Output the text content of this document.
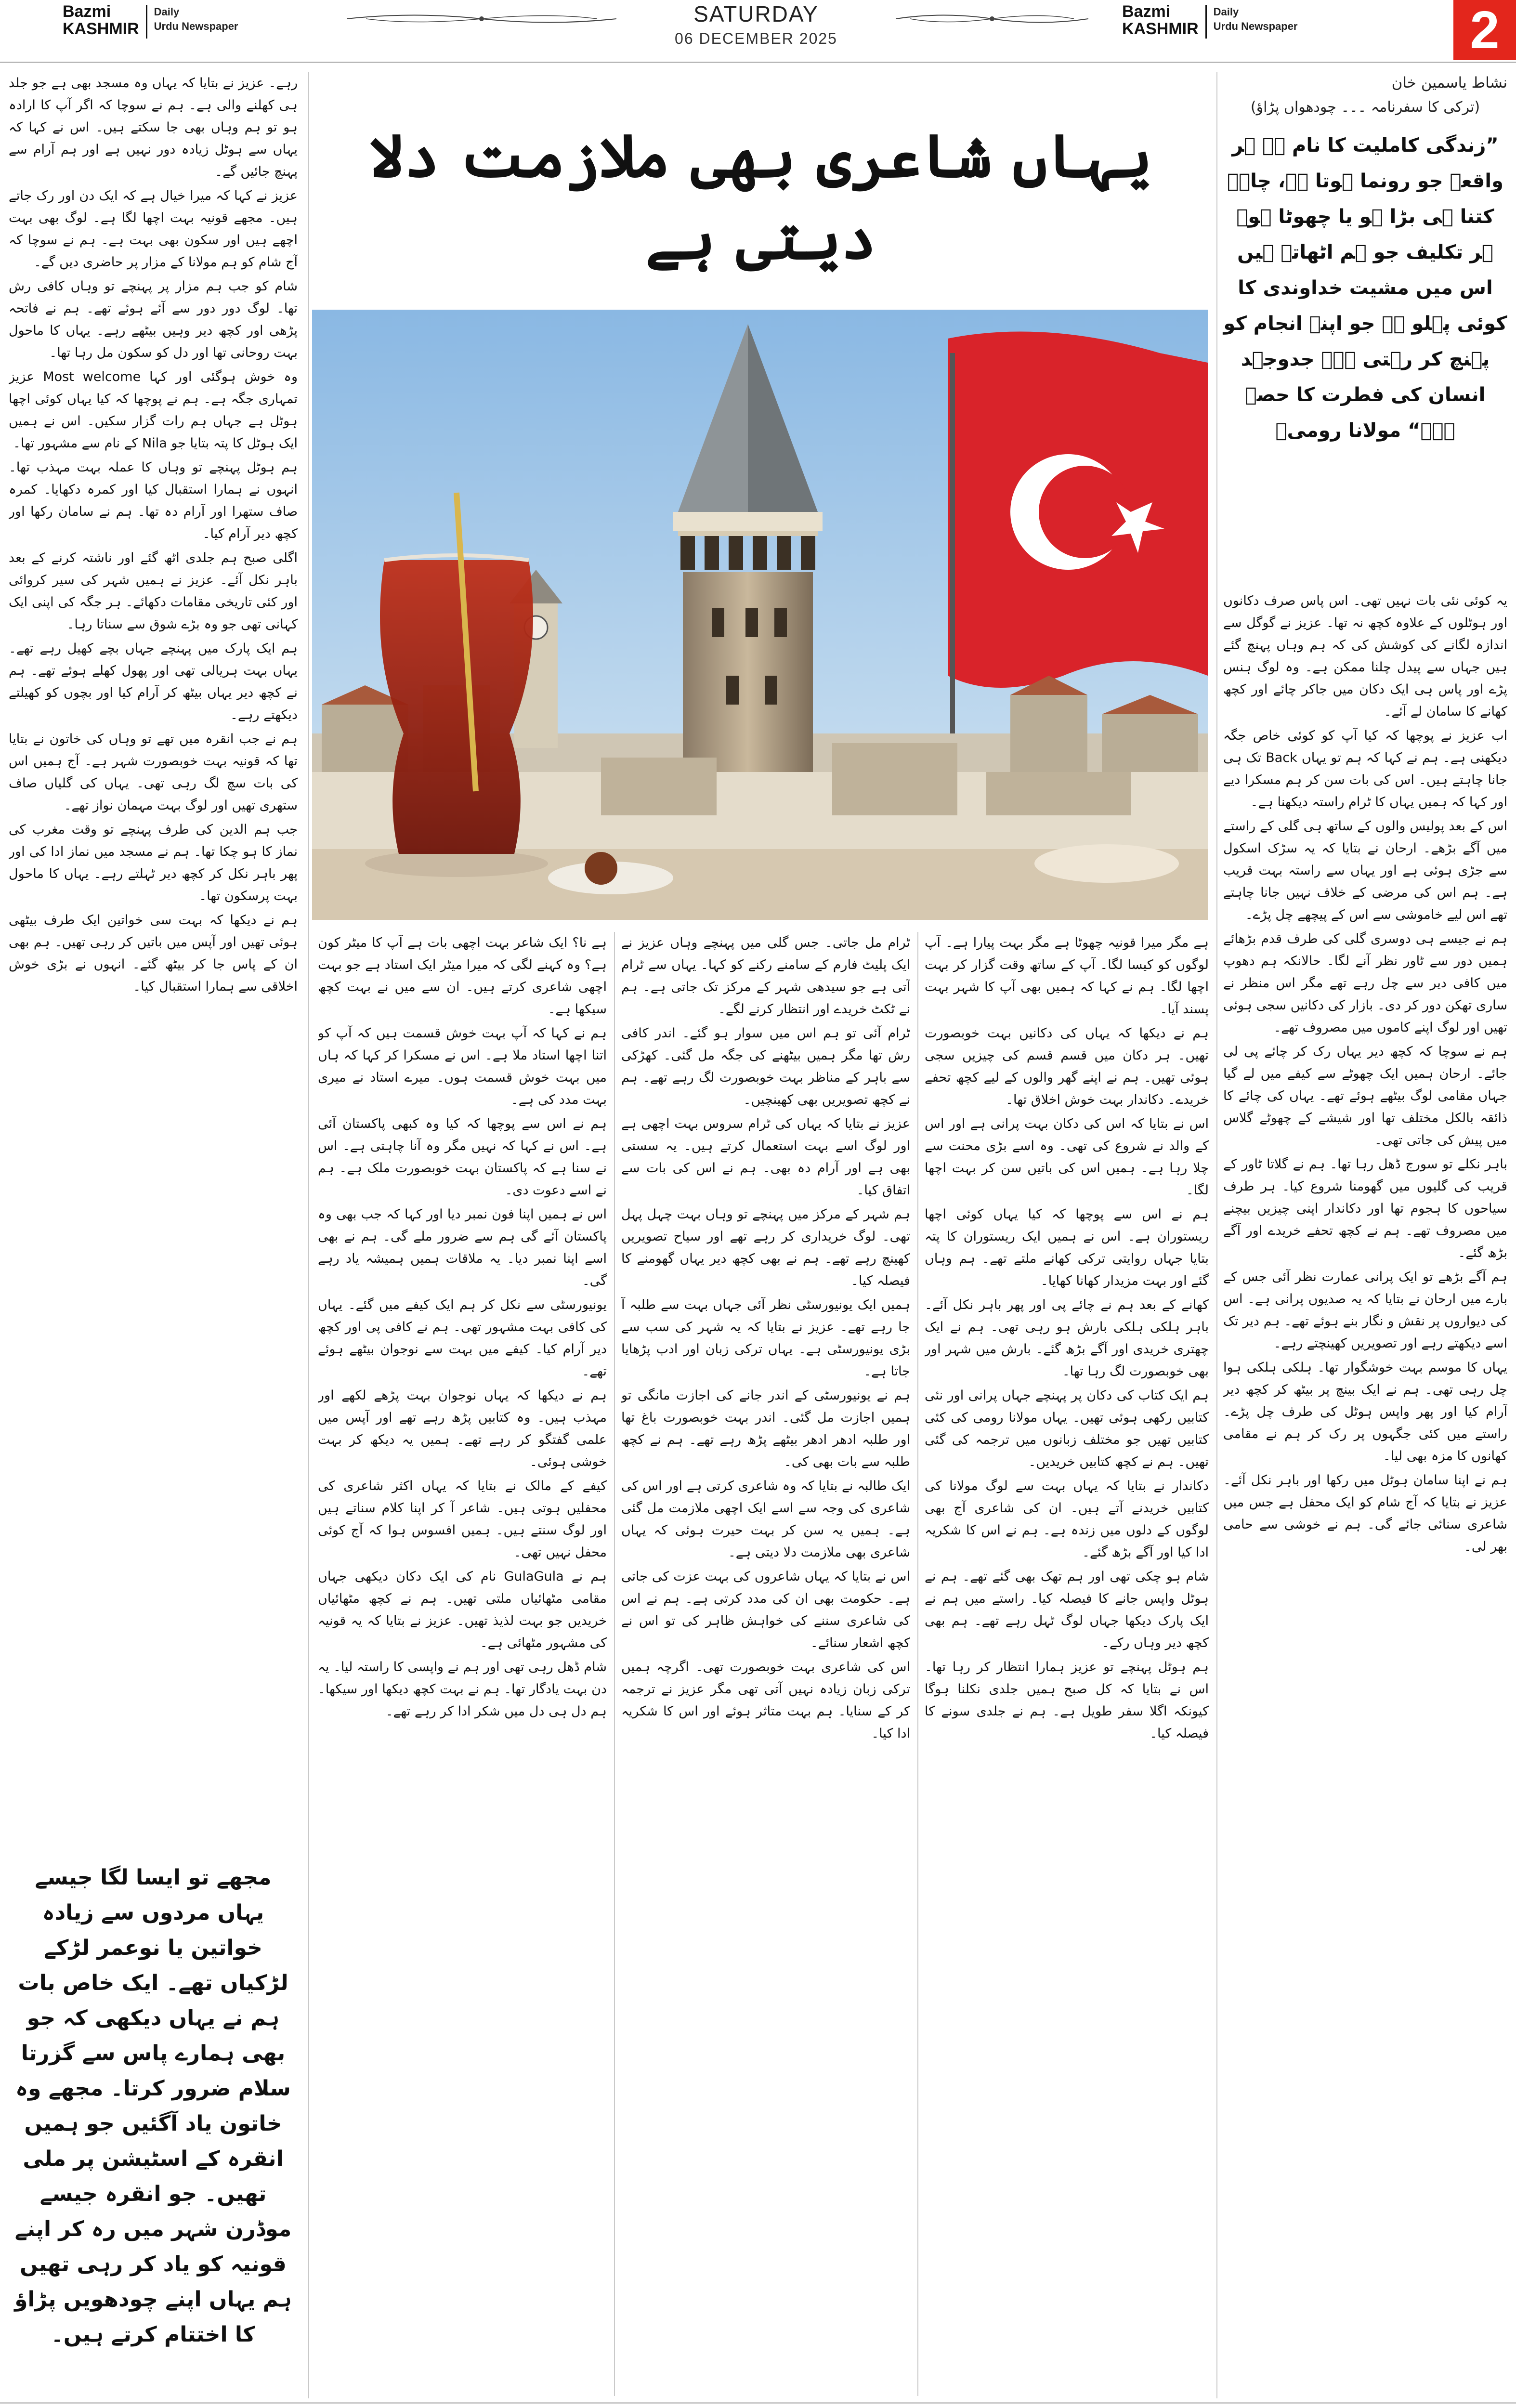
Bazmi
KASHMIR
Daily
Urdu Newspaper	SATURDAY
06 DECEMBER 2025
Bazmi
KASHMIR
Daily
Urdu Newspaper	2
نشاط یاسمین خان
(ترکی کا سفرنامہ ۔۔۔ چودھواں پڑاؤ)
”زندگی کاملیت کا نام ہے ہر واقعہ جو رونما ہوتا ہے، چاہے کتنا ہی بڑا ہو یا چھوٹا ہو۔ ہر تکلیف جو ہم اٹھاتے ہیں اس میں مشیت خداوندی کا کوئی پہلو ہے جو اپنے انجام کو پہنچ کر رہتی ہے۔ جدوجہد انسان کی فطرت کا حصہ ہے۔“ مولانا رومیؒ
یہاں شاعری بھی ملازمت دلا دیتی ہے

یہ کوئی نئی بات نہیں تھی۔ اس پاس صرف دکانوں اور ہوٹلوں کے علاوہ کچھ نہ تھا۔ عزیز نے گوگل سے اندازہ لگانے کی کوشش کی کہ ہم وہاں پہنچ گئے ہیں جہاں سے پیدل چلنا ممکن ہے۔ وہ لوگ ہنس پڑے اور پاس ہی ایک دکان میں جاکر چائے اور کچھ کھانے کا سامان لے آئے۔

اب عزیز نے پوچھا کہ کیا آپ کو کوئی خاص جگہ دیکھنی ہے۔ ہم نے کہا کہ ہم تو یہاں Back تک ہی جانا چاہتے ہیں۔ اس کی بات سن کر ہم مسکرا دیے اور کہا کہ ہمیں یہاں کا ٹرام راستہ دیکھنا ہے۔

اس کے بعد پولیس والوں کے ساتھ ہی گلی کے راستے میں آگے بڑھے۔ ارحان نے بتایا کہ یہ سڑک اسکول سے جڑی ہوئی ہے اور یہاں سے راستہ بہت قریب ہے۔ ہم اس کی مرضی کے خلاف نہیں جانا چاہتے تھے اس لیے خاموشی سے اس کے پیچھے چل پڑے۔

ہم نے جیسے ہی دوسری گلی کی طرف قدم بڑھائے ہمیں دور سے ٹاور نظر آنے لگا۔ حالانکہ ہم دھوپ میں کافی دیر سے چل رہے تھے مگر اس منظر نے ساری تھکن دور کر دی۔ بازار کی دکانیں سجی ہوئی تھیں اور لوگ اپنے کاموں میں مصروف تھے۔

ہم نے سوچا کہ کچھ دیر یہاں رک کر چائے پی لی جائے۔ ارحان ہمیں ایک چھوٹے سے کیفے میں لے گیا جہاں مقامی لوگ بیٹھے ہوئے تھے۔ یہاں کی چائے کا ذائقہ بالکل مختلف تھا اور شیشے کے چھوٹے گلاس میں پیش کی جاتی تھی۔

باہر نکلے تو سورج ڈھل رہا تھا۔ ہم نے گلاتا ٹاور کے قریب کی گلیوں میں گھومنا شروع کیا۔ ہر طرف سیاحوں کا ہجوم تھا اور دکاندار اپنی چیزیں بیچنے میں مصروف تھے۔ ہم نے کچھ تحفے خریدے اور آگے بڑھ گئے۔

ہم آگے بڑھے تو ایک پرانی عمارت نظر آئی جس کے بارے میں ارحان نے بتایا کہ یہ صدیوں پرانی ہے۔ اس کی دیواروں پر نقش و نگار بنے ہوئے تھے۔ ہم دیر تک اسے دیکھتے رہے اور تصویریں کھینچتے رہے۔

یہاں کا موسم بہت خوشگوار تھا۔ ہلکی ہلکی ہوا چل رہی تھی۔ ہم نے ایک بینچ پر بیٹھ کر کچھ دیر آرام کیا اور پھر واپس ہوٹل کی طرف چل پڑے۔ راستے میں کئی جگہوں پر رک کر ہم نے مقامی کھانوں کا مزہ بھی لیا۔

ہم نے اپنا سامان ہوٹل میں رکھا اور باہر نکل آئے۔ عزیز نے بتایا کہ آج شام کو ایک محفل ہے جس میں شاعری سنائی جائے گی۔ ہم نے خوشی سے حامی بھر لی۔

ہے مگر میرا قونیہ چھوٹا ہے مگر بہت پیارا ہے۔ آپ لوگوں کو کیسا لگا۔ آپ کے ساتھ وقت گزار کر بہت اچھا لگا۔ ہم نے کہا کہ ہمیں بھی آپ کا شہر بہت پسند آیا۔

ہم نے دیکھا کہ یہاں کی دکانیں بہت خوبصورت تھیں۔ ہر دکان میں قسم قسم کی چیزیں سجی ہوئی تھیں۔ ہم نے اپنے گھر والوں کے لیے کچھ تحفے خریدے۔ دکاندار بہت خوش اخلاق تھا۔

اس نے بتایا کہ اس کی دکان بہت پرانی ہے اور اس کے والد نے شروع کی تھی۔ وہ اسے بڑی محنت سے چلا رہا ہے۔ ہمیں اس کی باتیں سن کر بہت اچھا لگا۔

ہم نے اس سے پوچھا کہ کیا یہاں کوئی اچھا ریستوران ہے۔ اس نے ہمیں ایک ریستوران کا پتہ بتایا جہاں روایتی ترکی کھانے ملتے تھے۔ ہم وہاں گئے اور بہت مزیدار کھانا کھایا۔

کھانے کے بعد ہم نے چائے پی اور پھر باہر نکل آئے۔ باہر ہلکی ہلکی بارش ہو رہی تھی۔ ہم نے ایک چھتری خریدی اور آگے بڑھ گئے۔ بارش میں شہر اور بھی خوبصورت لگ رہا تھا۔

ہم ایک کتاب کی دکان پر پہنچے جہاں پرانی اور نئی کتابیں رکھی ہوئی تھیں۔ یہاں مولانا رومی کی کئی کتابیں تھیں جو مختلف زبانوں میں ترجمہ کی گئی تھیں۔ ہم نے کچھ کتابیں خریدیں۔

دکاندار نے بتایا کہ یہاں بہت سے لوگ مولانا کی کتابیں خریدنے آتے ہیں۔ ان کی شاعری آج بھی لوگوں کے دلوں میں زندہ ہے۔ ہم نے اس کا شکریہ ادا کیا اور آگے بڑھ گئے۔

شام ہو چکی تھی اور ہم تھک بھی گئے تھے۔ ہم نے ہوٹل واپس جانے کا فیصلہ کیا۔ راستے میں ہم نے ایک پارک دیکھا جہاں لوگ ٹہل رہے تھے۔ ہم بھی کچھ دیر وہاں رکے۔

ہم ہوٹل پہنچے تو عزیز ہمارا انتظار کر رہا تھا۔ اس نے بتایا کہ کل صبح ہمیں جلدی نکلنا ہوگا کیونکہ اگلا سفر طویل ہے۔ ہم نے جلدی سونے کا فیصلہ کیا۔

ٹرام مل جاتی۔ جس گلی میں پہنچے وہاں عزیز نے ایک پلیٹ فارم کے سامنے رکنے کو کہا۔ یہاں سے ٹرام آتی ہے جو سیدھی شہر کے مرکز تک جاتی ہے۔ ہم نے ٹکٹ خریدے اور انتظار کرنے لگے۔

ٹرام آئی تو ہم اس میں سوار ہو گئے۔ اندر کافی رش تھا مگر ہمیں بیٹھنے کی جگہ مل گئی۔ کھڑکی سے باہر کے مناظر بہت خوبصورت لگ رہے تھے۔ ہم نے کچھ تصویریں بھی کھینچیں۔

عزیز نے بتایا کہ یہاں کی ٹرام سروس بہت اچھی ہے اور لوگ اسے بہت استعمال کرتے ہیں۔ یہ سستی بھی ہے اور آرام دہ بھی۔ ہم نے اس کی بات سے اتفاق کیا۔

ہم شہر کے مرکز میں پہنچے تو وہاں بہت چہل پہل تھی۔ لوگ خریداری کر رہے تھے اور سیاح تصویریں کھینچ رہے تھے۔ ہم نے بھی کچھ دیر یہاں گھومنے کا فیصلہ کیا۔

ہمیں ایک یونیورسٹی نظر آئی جہاں بہت سے طلبہ آ جا رہے تھے۔ عزیز نے بتایا کہ یہ شہر کی سب سے بڑی یونیورسٹی ہے۔ یہاں ترکی زبان اور ادب پڑھایا جاتا ہے۔

ہم نے یونیورسٹی کے اندر جانے کی اجازت مانگی تو ہمیں اجازت مل گئی۔ اندر بہت خوبصورت باغ تھا اور طلبہ ادھر ادھر بیٹھے پڑھ رہے تھے۔ ہم نے کچھ طلبہ سے بات بھی کی۔

ایک طالبہ نے بتایا کہ وہ شاعری کرتی ہے اور اس کی شاعری کی وجہ سے اسے ایک اچھی ملازمت مل گئی ہے۔ ہمیں یہ سن کر بہت حیرت ہوئی کہ یہاں شاعری بھی ملازمت دلا دیتی ہے۔

اس نے بتایا کہ یہاں شاعروں کی بہت عزت کی جاتی ہے۔ حکومت بھی ان کی مدد کرتی ہے۔ ہم نے اس کی شاعری سننے کی خواہش ظاہر کی تو اس نے کچھ اشعار سنائے۔

اس کی شاعری بہت خوبصورت تھی۔ اگرچہ ہمیں ترکی زبان زیادہ نہیں آتی تھی مگر عزیز نے ترجمہ کر کے سنایا۔ ہم بہت متاثر ہوئے اور اس کا شکریہ ادا کیا۔

ہے نا؟ ایک شاعر بہت اچھی بات ہے آپ کا میٹر کون ہے؟ وہ کہنے لگی کہ میرا میٹر ایک استاد ہے جو بہت اچھی شاعری کرتے ہیں۔ ان سے میں نے بہت کچھ سیکھا ہے۔

ہم نے کہا کہ آپ بہت خوش قسمت ہیں کہ آپ کو اتنا اچھا استاد ملا ہے۔ اس نے مسکرا کر کہا کہ ہاں میں بہت خوش قسمت ہوں۔ میرے استاد نے میری بہت مدد کی ہے۔

ہم نے اس سے پوچھا کہ کیا وہ کبھی پاکستان آئی ہے۔ اس نے کہا کہ نہیں مگر وہ آنا چاہتی ہے۔ اس نے سنا ہے کہ پاکستان بہت خوبصورت ملک ہے۔ ہم نے اسے دعوت دی۔

اس نے ہمیں اپنا فون نمبر دیا اور کہا کہ جب بھی وہ پاکستان آئے گی ہم سے ضرور ملے گی۔ ہم نے بھی اسے اپنا نمبر دیا۔ یہ ملاقات ہمیں ہمیشہ یاد رہے گی۔

یونیورسٹی سے نکل کر ہم ایک کیفے میں گئے۔ یہاں کی کافی بہت مشہور تھی۔ ہم نے کافی پی اور کچھ دیر آرام کیا۔ کیفے میں بہت سے نوجوان بیٹھے ہوئے تھے۔

ہم نے دیکھا کہ یہاں نوجوان بہت پڑھے لکھے اور مہذب ہیں۔ وہ کتابیں پڑھ رہے تھے اور آپس میں علمی گفتگو کر رہے تھے۔ ہمیں یہ دیکھ کر بہت خوشی ہوئی۔

کیفے کے مالک نے بتایا کہ یہاں اکثر شاعری کی محفلیں ہوتی ہیں۔ شاعر آ کر اپنا کلام سناتے ہیں اور لوگ سنتے ہیں۔ ہمیں افسوس ہوا کہ آج کوئی محفل نہیں تھی۔

ہم نے GulaGula نام کی ایک دکان دیکھی جہاں مقامی مٹھائیاں ملتی تھیں۔ ہم نے کچھ مٹھائیاں خریدیں جو بہت لذیذ تھیں۔ عزیز نے بتایا کہ یہ قونیہ کی مشہور مٹھائی ہے۔

شام ڈھل رہی تھی اور ہم نے واپسی کا راستہ لیا۔ یہ دن بہت یادگار تھا۔ ہم نے بہت کچھ دیکھا اور سیکھا۔ ہم دل ہی دل میں شکر ادا کر رہے تھے۔

رہے۔ عزیز نے بتایا کہ یہاں وہ مسجد بھی ہے جو جلد ہی کھلنے والی ہے۔ ہم نے سوچا کہ اگر آپ کا ارادہ ہو تو ہم وہاں بھی جا سکتے ہیں۔ اس نے کہا کہ یہاں سے ہوٹل زیادہ دور نہیں ہے اور ہم آرام سے پہنچ جائیں گے۔

عزیز نے کہا کہ میرا خیال ہے کہ ایک دن اور رک جاتے ہیں۔ مجھے قونیہ بہت اچھا لگا ہے۔ لوگ بھی بہت اچھے ہیں اور سکون بھی بہت ہے۔ ہم نے سوچا کہ آج شام کو ہم مولانا کے مزار پر حاضری دیں گے۔

شام کو جب ہم مزار پر پہنچے تو وہاں کافی رش تھا۔ لوگ دور دور سے آئے ہوئے تھے۔ ہم نے فاتحہ پڑھی اور کچھ دیر وہیں بیٹھے رہے۔ یہاں کا ماحول بہت روحانی تھا اور دل کو سکون مل رہا تھا۔

وہ خوش ہوگئی اور کہا Most welcome عزیز تمہاری جگہ ہے۔ ہم نے پوچھا کہ کیا یہاں کوئی اچھا ہوٹل ہے جہاں ہم رات گزار سکیں۔ اس نے ہمیں ایک ہوٹل کا پتہ بتایا جو Nila کے نام سے مشہور تھا۔

ہم ہوٹل پہنچے تو وہاں کا عملہ بہت مہذب تھا۔ انہوں نے ہمارا استقبال کیا اور کمرہ دکھایا۔ کمرہ صاف ستھرا اور آرام دہ تھا۔ ہم نے سامان رکھا اور کچھ دیر آرام کیا۔

اگلی صبح ہم جلدی اٹھ گئے اور ناشتہ کرنے کے بعد باہر نکل آئے۔ عزیز نے ہمیں شہر کی سیر کروائی اور کئی تاریخی مقامات دکھائے۔ ہر جگہ کی اپنی ایک کہانی تھی جو وہ بڑے شوق سے سناتا رہا۔

ہم ایک پارک میں پہنچے جہاں بچے کھیل رہے تھے۔ یہاں بہت ہریالی تھی اور پھول کھلے ہوئے تھے۔ ہم نے کچھ دیر یہاں بیٹھ کر آرام کیا اور بچوں کو کھیلتے دیکھتے رہے۔

ہم نے جب انقرہ میں تھے تو وہاں کی خاتون نے بتایا تھا کہ قونیہ بہت خوبصورت شہر ہے۔ آج ہمیں اس کی بات سچ لگ رہی تھی۔ یہاں کی گلیاں صاف ستھری تھیں اور لوگ بہت مہمان نواز تھے۔

جب ہم الدین کی طرف پہنچے تو وقت مغرب کی نماز کا ہو چکا تھا۔ ہم نے مسجد میں نماز ادا کی اور پھر باہر نکل کر کچھ دیر ٹہلتے رہے۔ یہاں کا ماحول بہت پرسکون تھا۔

ہم نے دیکھا کہ بہت سی خواتین ایک طرف بیٹھی ہوئی تھیں اور آپس میں باتیں کر رہی تھیں۔ ہم بھی ان کے پاس جا کر بیٹھ گئے۔ انہوں نے بڑی خوش اخلاقی سے ہمارا استقبال کیا۔

مجھے تو ایسا لگا جیسے یہاں مردوں سے زیادہ خواتین یا نوعمر لڑکے لڑکیاں تھے۔ ایک خاص بات ہم نے یہاں دیکھی کہ جو بھی ہمارے پاس سے گزرتا سلام ضرور کرتا۔ مجھے وہ خاتون یاد آگئیں جو ہمیں انقرہ کے اسٹیشن پر ملی تھیں۔ جو انقرہ جیسے موڈرن شہر میں رہ کر اپنے قونیہ کو یاد کر رہی تھیں ہم یہاں اپنے چودھویں پڑاؤ کا اختتام کرتے ہیں۔
